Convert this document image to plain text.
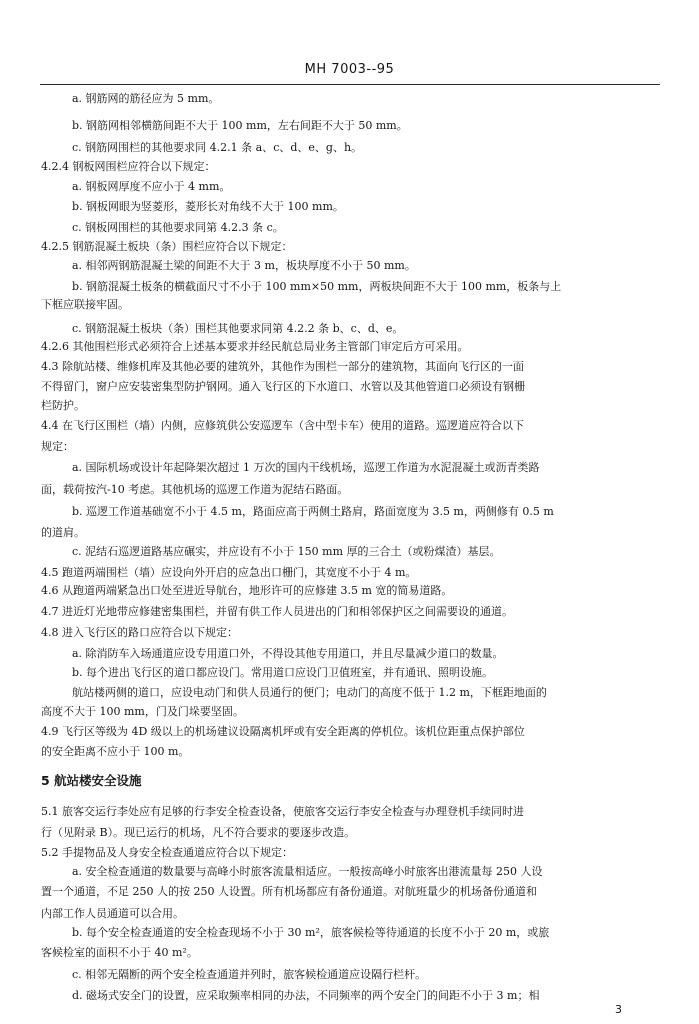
MH 7003--95
a. 钢筋网的筋径应为 5 mm。
b. 钢筋网相邻横筋间距不大于 100 mm，左右间距不大于 50 mm。
c. 钢筋网围栏的其他要求同 4.2.1 条 a、c、d、e、g、h。
4.2.4 钢板网围栏应符合以下规定：
a. 钢板网厚度不应小于 4 mm。
b. 钢板网眼为竖菱形，菱形长对角线不大于 100 mm。
c. 钢板网围栏的其他要求同第 4.2.3 条 c。
4.2.5 钢筋混凝土板块（条）围栏应符合以下规定：
a. 相邻两钢筋混凝土梁的间距不大于 3 m，板块厚度不小于 50 mm。
b. 钢筋混凝土板条的横截面尺寸不小于 100 mm×50 mm，两板块间距不大于 100 mm，板条与上
下框应联接牢固。
c. 钢筋混凝土板块（条）围栏其他要求同第 4.2.2 条 b、c、d、e。
4.2.6 其他围栏形式必须符合上述基本要求并经民航总局业务主管部门审定后方可采用。
4.3 除航站楼、维修机库及其他必要的建筑外，其他作为围栏一部分的建筑物，其面向飞行区的一面
不得留门，窗户应安装密集型防护钢网。通入飞行区的下水道口、水管以及其他管道口必须设有钢栅
栏防护。
4.4 在飞行区围栏（墙）内侧，应修筑供公安巡逻车（含中型卡车）使用的道路。巡逻道应符合以下
规定：
a. 国际机场或设计年起降架次超过 1 万次的国内干线机场，巡逻工作道为水泥混凝土或沥青类路
面，载荷按汽-10 考虑。其他机场的巡逻工作道为泥结石路面。
b. 巡逻工作道基础宽不小于 4.5 m，路面应高于两侧土路肩，路面宽度为 3.5 m，两侧修有 0.5 m
的道肩。
c. 泥结石巡逻道路基应碾实，并应设有不小于 150 mm 厚的三合土（或粉煤渣）基层。
4.5 跑道两端围栏（墙）应设向外开启的应急出口栅门，其宽度不小于 4 m。
4.6 从跑道两端紧急出口处至进近导航台，地形许可的应修建 3.5 m 宽的简易道路。
4.7 进近灯光地带应修建密集围栏，并留有供工作人员进出的门和相邻保护区之间需要设的通道。
4.8 进入飞行区的路口应符合以下规定：
a. 除消防车入场通道应设专用道口外，不得设其他专用道口，并且尽量减少道口的数量。
b. 每个进出飞行区的道口都应设门。常用道口应设门卫值班室，并有通讯、照明设施。
航站楼两侧的道口，应设电动门和供人员通行的便门；电动门的高度不低于 1.2 m，下框距地面的
高度不大于 100 mm，门及门垛要坚固。
4.9 飞行区等级为 4D 级以上的机场建议设隔离机坪或有安全距离的停机位。该机位距重点保护部位
的安全距离不应小于 100 m。
5 航站楼安全设施
5.1 旅客交运行李处应有足够的行李安全检查设备，使旅客交运行李安全检查与办理登机手续同时进
行（见附录 B）。现已运行的机场，凡不符合要求的要逐步改造。
5.2 手提物品及人身安全检查通道应符合以下规定：
a. 安全检查通道的数量要与高峰小时旅客流量相适应。一般按高峰小时旅客出港流量每 250 人设
置一个通道，不足 250 人的按 250 人设置。所有机场都应有备份通道。对航班量少的机场备份通道和
内部工作人员通道可以合用。
b. 每个安全检查通道的安全检查现场不小于 30 m²，旅客候检等待通道的长度不小于 20 m，或旅
客候检室的面积不小于 40 m²。
c. 相邻无隔断的两个安全检查通道并列时，旅客候检通道应设隔行栏杆。
d. 磁场式安全门的设置，应采取频率相同的办法，不同频率的两个安全门的间距不小于 3 m；相
3
